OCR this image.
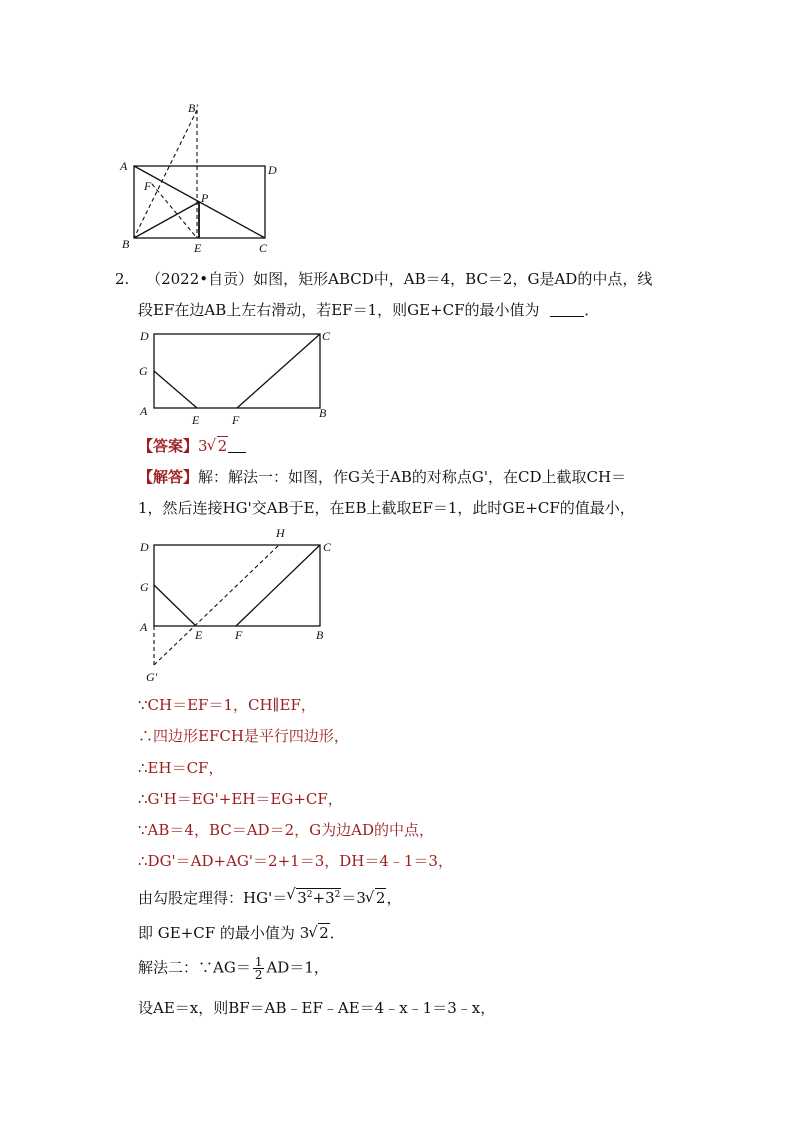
B'
A	D
F
P
B	E	C
2. （2022•自贡）如图，矩形ABCD中，AB＝4，BC＝2，G是AD的中点，线
段EF在边AB上左右滑动，若EF＝1，则GE+CF的最小值为	．
D	C
G
A
E	F	B
【答案】3√ 2
【解答】解：解法一：如图，作G关于AB的对称点G'，在CD上截取CH＝
1，然后连接HG'交AB于E，在EB上截取EF＝1，此时GE+CF的值最小，
D
H
C
G
A
E	F	B
G'
∵CH＝EF＝1，CH∥EF，
∴四边形EFCH是平行四边形，
∴EH＝CF，
∴G'H＝EG'+EH＝EG+CF，
∵AB＝4，BC＝AD＝2，G为边AD的中点，
∴DG'＝AD+AG'＝2+1＝3，DH＝4﹣1＝3，
由勾股定理得：HG'＝√ $3^2+3^2=3√$ 2，
即 GE+CF 的最小值为 3√ 2．
解法二：∵AG＝ $\frac{1}{2} AD=1$，
设AE＝x，则BF＝AB﹣EF﹣AE＝4﹣x﹣1＝3﹣x，
